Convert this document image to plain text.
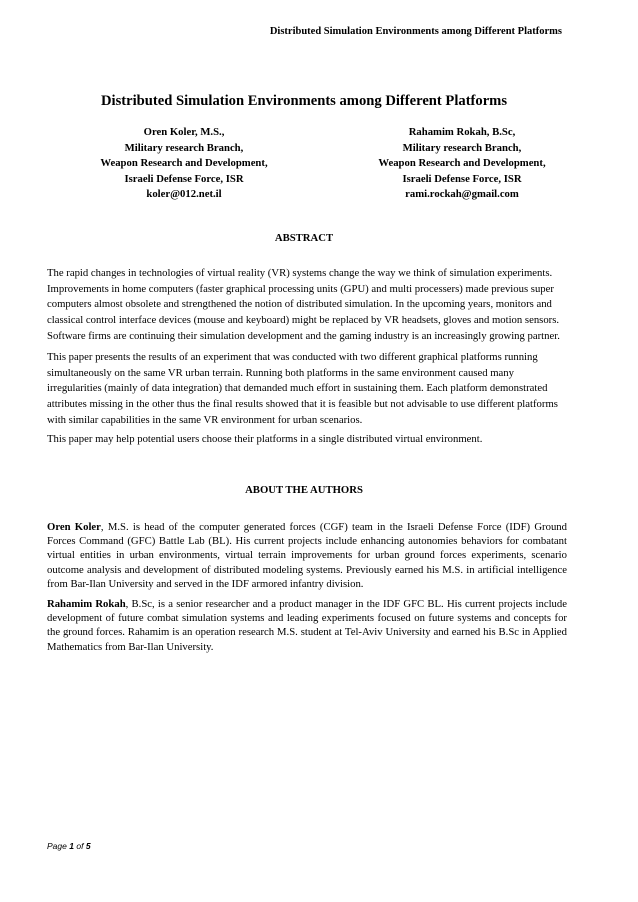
Distributed Simulation Environments among Different Platforms
Distributed Simulation Environments among Different Platforms
Oren Koler, M.S.,
Military research Branch,
Weapon Research and Development,
Israeli Defense Force, ISR
koler@012.net.il
Rahamim Rokah, B.Sc,
Military research Branch,
Weapon Research and Development,
Israeli Defense Force, ISR
rami.rockah@gmail.com
ABSTRACT

The rapid changes in technologies of virtual reality (VR) systems change the way we think of simulation experiments. Improvements in home computers (faster graphical processing units (GPU) and multi processers) made previous super computers almost obsolete and strengthened the notion of distributed simulation. In the upcoming years, monitors and classical control interface devices (mouse and keyboard) might be replaced by VR headsets, gloves and motion sensors. Software firms are continuing their simulation development and the gaming industry is an increasingly growing partner.

This paper presents the results of an experiment that was conducted with two different graphical platforms running simultaneously on the same VR urban terrain. Running both platforms in the same environment caused many irregularities (mainly of data integration) that demanded much effort in sustaining them. Each platform demonstrated attributes missing in the other thus the final results showed that it is feasible but not advisable to use different platforms with similar capabilities in the same VR environment for urban scenarios.

This paper may help potential users choose their platforms in a single distributed virtual environment.

ABOUT THE AUTHORS

Oren Koler, M.S. is head of the computer generated forces (CGF) team in the Israeli Defense Force (IDF) Ground Forces Command (GFC) Battle Lab (BL). His current projects include enhancing autonomies behaviors for combatant virtual entities in urban environments, virtual terrain improvements for urban ground forces experiments, scenario outcome analysis and development of distributed modeling systems. Previously earned his M.S. in artificial intelligence from Bar-Ilan University and served in the IDF armored infantry division.

Rahamim Rokah, B.Sc, is a senior researcher and a product manager in the IDF GFC BL. His current projects include development of future combat simulation systems and leading experiments focused on future systems and concepts for the ground forces. Rahamim is an operation research M.S. student at Tel-Aviv University and earned his B.Sc in Applied Mathematics from Bar-Ilan University.

Page 1 of 5
